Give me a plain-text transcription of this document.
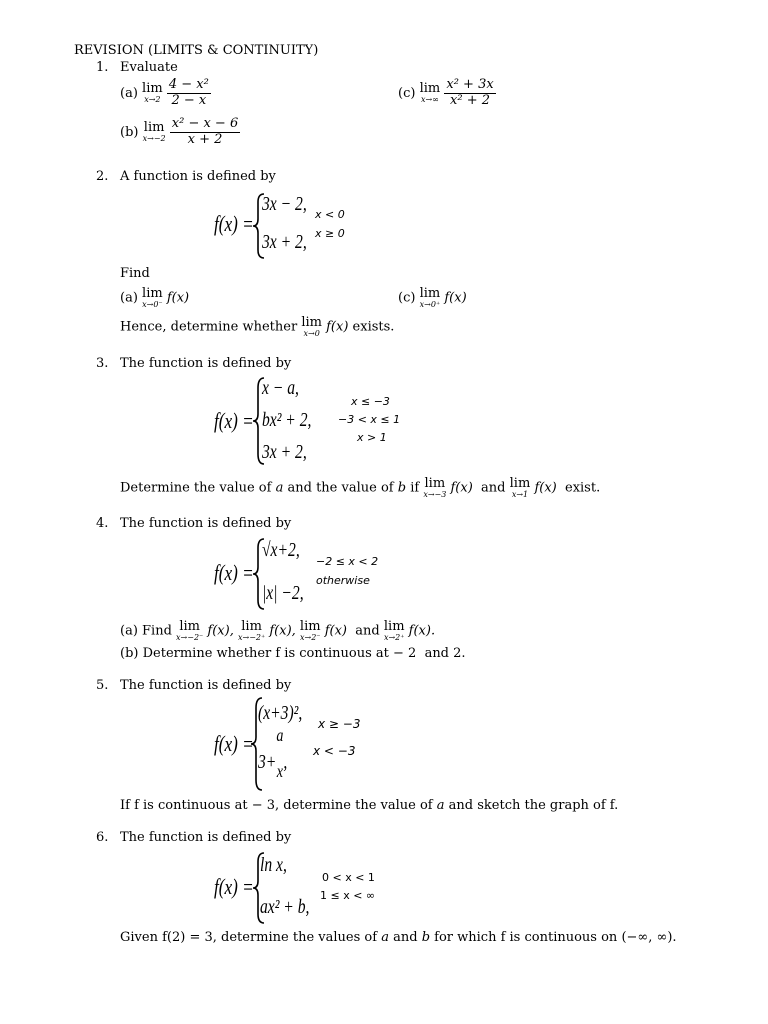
REVISION (LIMITS & CONTINUITY)
1. Evaluate
(a) lim
x→2
$\frac{\text{4 − x²}}{2 - x}$
(b) lim
x→−2
$\frac{\text{x² − x − 6}}{x + 2}$
(c) lim
x→∞
$\frac{\text{x² + 3x}}{\text{x² + 2}}$
2. A function is defined by
f(x) =
3x − 2,
3x + 2,
x < 0
x ≥ 0
Find
(a) lim
x→0⁻ f(x)	(c) lim
x→0⁺ f(x)
Hence, determine whether lim
x→0 f(x) exists.
3. The function is defined by
f(x) =
x − a,
bx² + 2,
3x + 2,
x ≤ −3
−3 < x ≤ 1
x > 1
Determine the value of a and the value of b if lim
x→−3 f(x) and lim
x→1 f(x) exist.
4. The function is defined by
f(x) =
√x+2,
|x| −2,
−2 ≤ x < 2
otherwise
(a) Find lim
x→−2⁻ f(x), lim
x→−2⁺ f(x), lim
x→2⁻ f(x) and lim
x→2⁺ f(x).
(b) Determine whether f is continuous at − 2 and 2.
5. The function is defined by
f(x) =
(x+3)²,
3+
a
x ,
x ≥ −3
x < −3
If f is continuous at − 3, determine the value of a and sketch the graph of f.
6. The function is defined by
f(x) =
ln x,
ax² + b,
0 < x < 1
1 ≤ x < ∞
Given f(2) = 3, determine the values of a and b for which f is continuous on (−∞, ∞).
